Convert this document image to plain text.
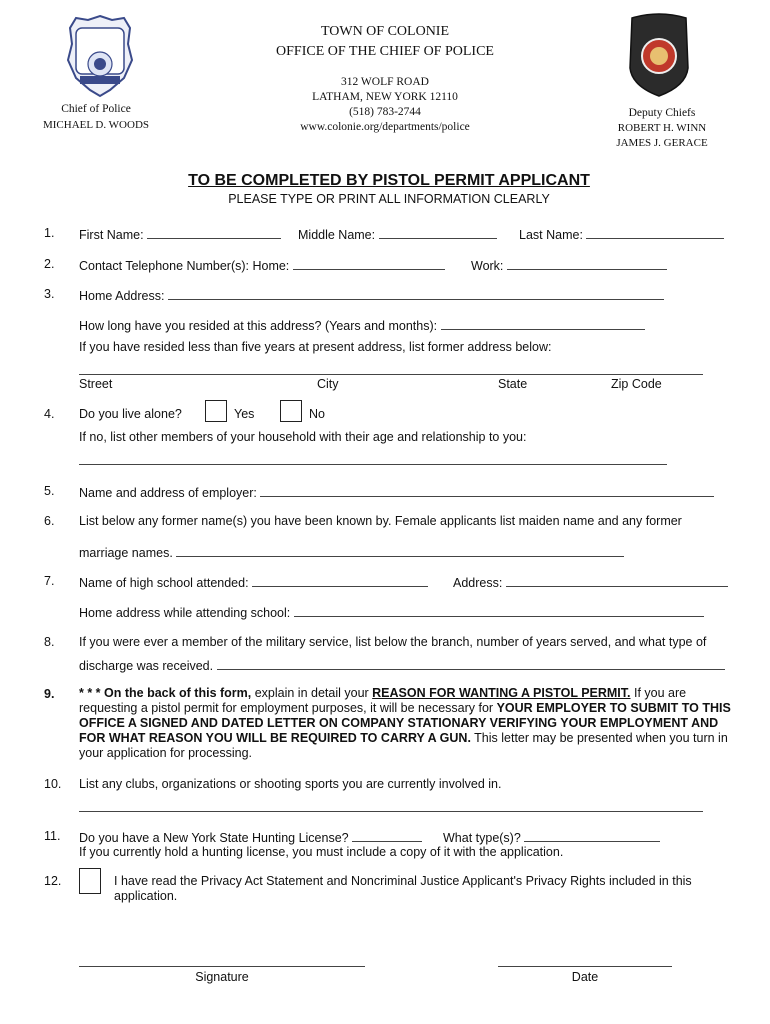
TOWN OF COLONIE
OFFICE OF THE CHIEF OF POLICE
312 WOLF ROAD
LATHAM, NEW YORK 12110
(518) 783-2744
www.colonie.org/departments/police
Chief of Police
MICHAEL D. WOODS
Deputy Chiefs
ROBERT H. WINN
JAMES J. GERACE
TO BE COMPLETED BY PISTOL PERMIT APPLICANT
PLEASE TYPE OR PRINT ALL INFORMATION CLEARLY
1. First Name:	Middle Name:	Last Name:
2. Contact Telephone Number(s): Home:	Work:
3. Home Address:
How long have you resided at this address? (Years and months):
If you have resided less than five years at present address, list former address below:
Street	City	State	Zip Code
4. Do you live alone?	Yes	No
If no, list other members of your household with their age and relationship to you:
5. Name and address of employer:
6. List below any former name(s) you have been known by. Female applicants list maiden name and any former
marriage names.
7. Name of high school attended:	Address:
Home address while attending school:
8. If you were ever a member of the military service, list below the branch, number of years served, and what type of
discharge was received.
9. * * * On the back of this form, explain in detail your REASON FOR WANTING A PISTOL PERMIT. If you are requesting a pistol permit for employment purposes, it will be necessary for YOUR EMPLOYER TO SUBMIT TO THIS OFFICE A SIGNED AND DATED LETTER ON COMPANY STATIONARY VERIFYING YOUR EMPLOYMENT AND FOR WHAT REASON YOU WILL BE REQUIRED TO CARRY A GUN. This letter may be presented when you turn in your application for processing.
10. List any clubs, organizations or shooting sports you are currently involved in.
11. Do you have a New York State Hunting License?	What type(s)?
If you currently hold a hunting license, you must include a copy of it with the application.
12.	I have read the Privacy Act Statement and Noncriminal Justice Applicant's Privacy Rights included in this application.
Signature	Date
